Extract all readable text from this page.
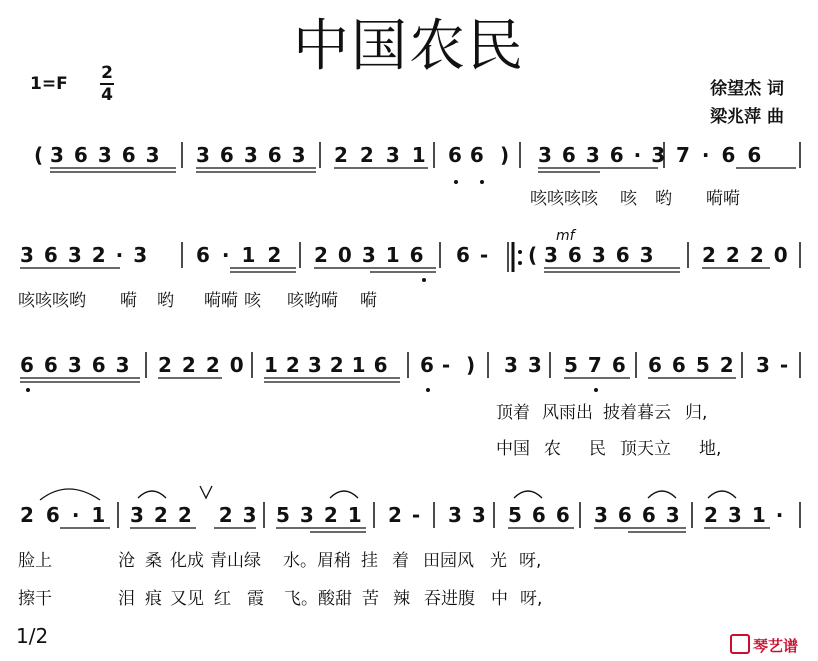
中国农民
1=F
2
4	徐望杰 词
梁兆萍 曲
( 36363 36363 2231 66 ) 3636·3 7·66
3632·3 6·12 20316 6- (
mf
36363 2220
66363 2220 123216 6- ) 33 576 6652 3-
26·1 322 23 5321 2- 33 566 3663 231·
咳咳咳咳 咳 哟 嗬嗬
咳咳咳哟 嗬 哟 嗬嗬 咳 咳哟嗬 嗬
顶着 风雨出 披着暮云 归,
中国 农 民 顶天立 地,
脸上	沧 桑 化成 青山绿 水。眉稍 挂 着 田园风 光 呀,
擦干	泪 痕 又见 红 霞 飞。酸甜 苦 辣 吞进腹 中 呀,
1/2	琴艺谱
